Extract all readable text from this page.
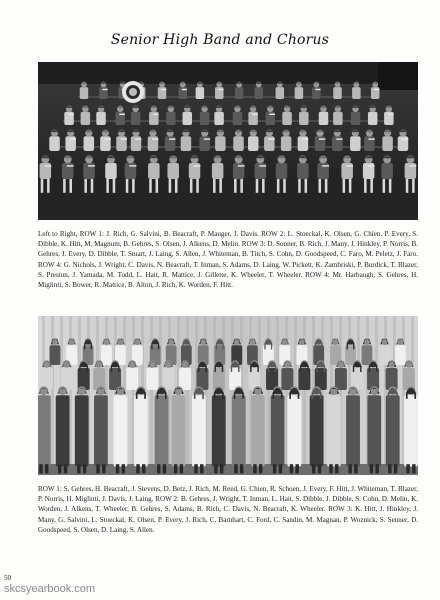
Senior High Band and Chorus
Left to Right, ROW 1: J. Rich, G. Salvini, B. Beacraft, P. Mauger, J. Davis. ROW 2: L. Stoeckal, K. Olsen, G. Chien, P. Every, S. Dibble, K. Hitt, M. Magnum, B. Gehres, S. Olsen, J. Alkens, D. Melin. ROW 3: D. Sonner, B. Rich, J. Many, J. Hinkley, P. Norris, B. Gehres, J. Every, D. Dibble, T. Stuart, J. Laing, S. Allen, J. Whiteman, B. Titch, S. Cohn, D. Goodspeed, C. Faro, M. Peletz, J. Faro. ROW 4: G. Nichols, J. Wright, C. Davis, N. Beacraft, T. Inman, S. Adams, D. Laing, W. Pickett, K. Zambriski, P. Burdick, T. Blazer, S. Preston, J. Yamada, M. Todd, L. Hait, R. Mattice, J. Gillette, K. Wheeler, T. Wheeler. ROW 4: Mr. Harbaugh, S. Gehres, H. Miglinti, S. Bower, R. Mattice, B. Alton, J. Rich, K. Worden, F. Hitt.
ROW 1: S. Gehres, H. Beacraft, J. Stevens, D. Betz, J. Rich, M. Reed, G. Chien, R. Schoen, J. Every, F. Hitt, J. Whiteman, T. Blazer, P. Norris, H. Miglinti, J. Davis, J. Laing. ROW 2: B. Gehres, J. Wright, T. Inman, L. Hait, S. Dibble, J. Dibble, S. Cohn, D. Melin, K. Worden, J. Alkens, T. Wheeler, B. Gehres, S. Adams, B. Rich, C. Davis, N. Beacraft, K. Wheeler. ROW 3: K. Hitt, J. Hinkley, J. Many, G. Salvini, L. Stoeckal, K. Olsen, P. Every, J. Rich, C. Barnhart, C. Ford, C. Sandin, M. Magnan, P. Woznick, S. Senner, D. Goodspeed, S. Olsen, D. Laing, S. Allen.
50
skcsyearbook.com
